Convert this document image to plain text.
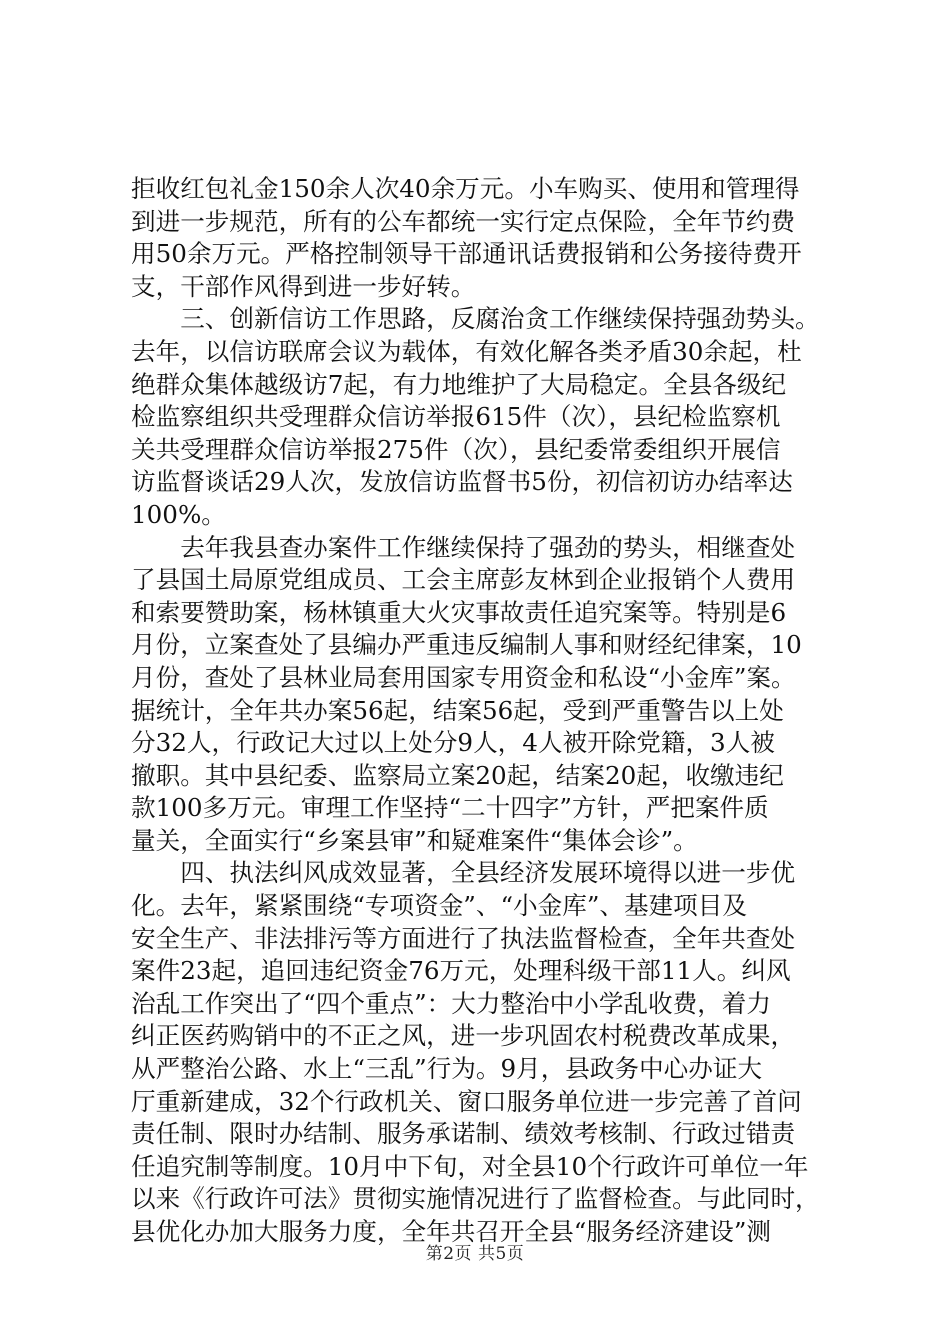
拒收红包礼金150余人次40余万元。小车购买、使用和管理得
到进一步规范，所有的公车都统一实行定点保险，全年节约费
用50余万元。严格控制领导干部通讯话费报销和公务接待费开
支，干部作风得到进一步好转。
　　三、创新信访工作思路，反腐治贪工作继续保持强劲势头。
去年，以信访联席会议为载体，有效化解各类矛盾30余起，杜
绝群众集体越级访7起，有力地维护了大局稳定。全县各级纪
检监察组织共受理群众信访举报615件（次），县纪检监察机
关共受理群众信访举报275件（次），县纪委常委组织开展信
访监督谈话29人次，发放信访监督书5份，初信初访办结率达
100%。
　　去年我县查办案件工作继续保持了强劲的势头，相继查处
了县国土局原党组成员、工会主席彭友林到企业报销个人费用
和索要赞助案，杨林镇重大火灾事故责任追究案等。特别是6
月份，立案查处了县编办严重违反编制人事和财经纪律案，10
月份，查处了县林业局套用国家专用资金和私设“小金库”案。
据统计，全年共办案56起，结案56起，受到严重警告以上处
分32人，行政记大过以上处分9人，4人被开除党籍，3人被
撤职。其中县纪委、监察局立案20起，结案20起，收缴违纪
款100多万元。审理工作坚持“二十四字”方针，严把案件质
量关，全面实行“乡案县审”和疑难案件“集体会诊”。
　　四、执法纠风成效显著，全县经济发展环境得以进一步优
化。去年，紧紧围绕“专项资金”、“小金库”、基建项目及
安全生产、非法排污等方面进行了执法监督检查，全年共查处
案件23起，追回违纪资金76万元，处理科级干部11人。纠风
治乱工作突出了“四个重点”：大力整治中小学乱收费，着力
纠正医药购销中的不正之风，进一步巩固农村税费改革成果，
从严整治公路、水上“三乱”行为。9月，县政务中心办证大
厅重新建成，32个行政机关、窗口服务单位进一步完善了首问
责任制、限时办结制、服务承诺制、绩效考核制、行政过错责
任追究制等制度。10月中下旬，对全县10个行政许可单位一年
以来《行政许可法》贯彻实施情况进行了监督检查。与此同时，
县优化办加大服务力度，全年共召开全县“服务经济建设”测
第2页 共5页
